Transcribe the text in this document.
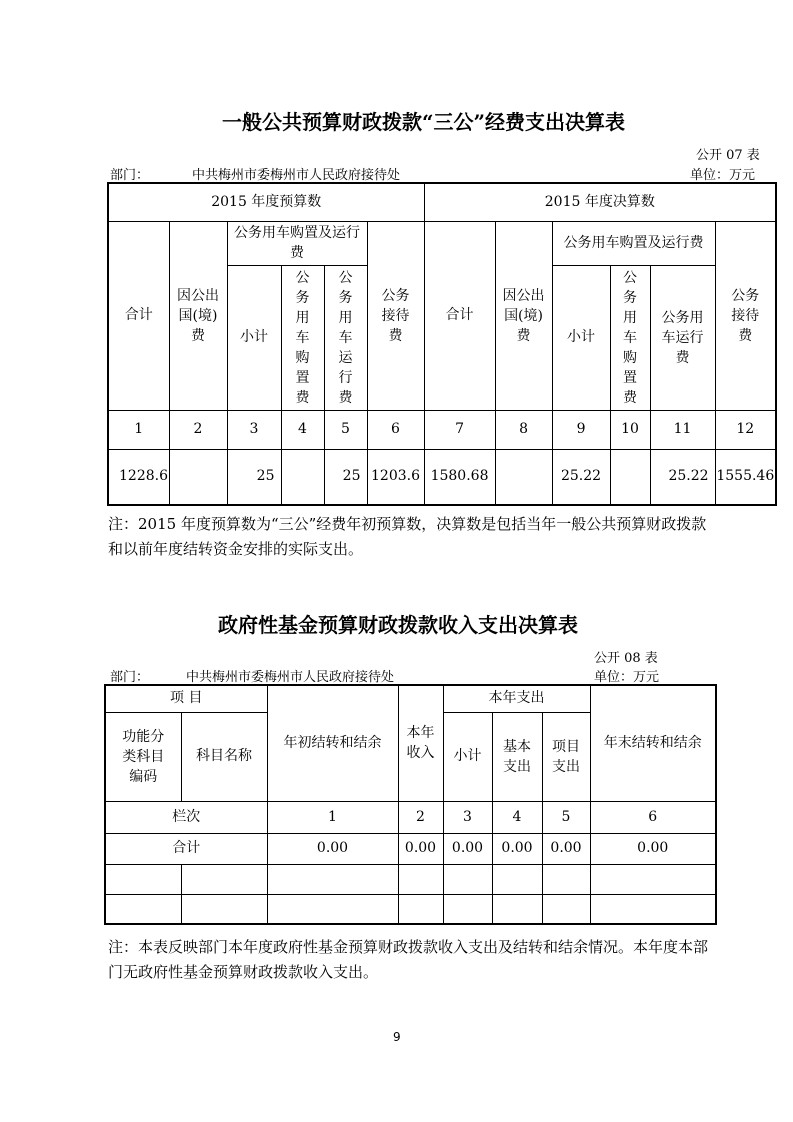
一般公共预算财政拨款“三公”经费支出决算表
公开 07 表
部门：	中共梅州市委梅州市人民政府接待处	单位：万元
2015 年度预算数						2015 年度决算数					
合计	因公出国(境)费	公务用车购置及运行费			公务接待费	合计	因公出国(境)费	公务用车购置及运行费			公务接待费
		小计	公务用车购置费	公务用车运行费				小计	公务用车购置费	公务用车运行费	
1	2	3	4	5	6	7	8	9	10	11	12
1228.6		25		25	1203.6	1580.68		25.22		25.22	1555.46
注：2015 年度预算数为“三公”经费年初预算数，决算数是包括当年一般公共预算财政拨款和以前年度结转资金安排的实际支出。
政府性基金预算财政拨款收入支出决算表
公开 08 表
部门：	中共梅州市委梅州市人民政府接待处	单位：万元
项 目		年初结转和结余	本年收入	本年支出			年末结转和结余
功能分类科目编码	科目名称			小计	基本支出	项目支出	
栏次		1	2	3	4	5	6
合计		0.00	0.00	0.00	0.00	0.00	0.00

注：本表反映部门本年度政府性基金预算财政拨款收入支出及结转和结余情况。本年度本部门无政府性基金预算财政拨款收入支出。
9
